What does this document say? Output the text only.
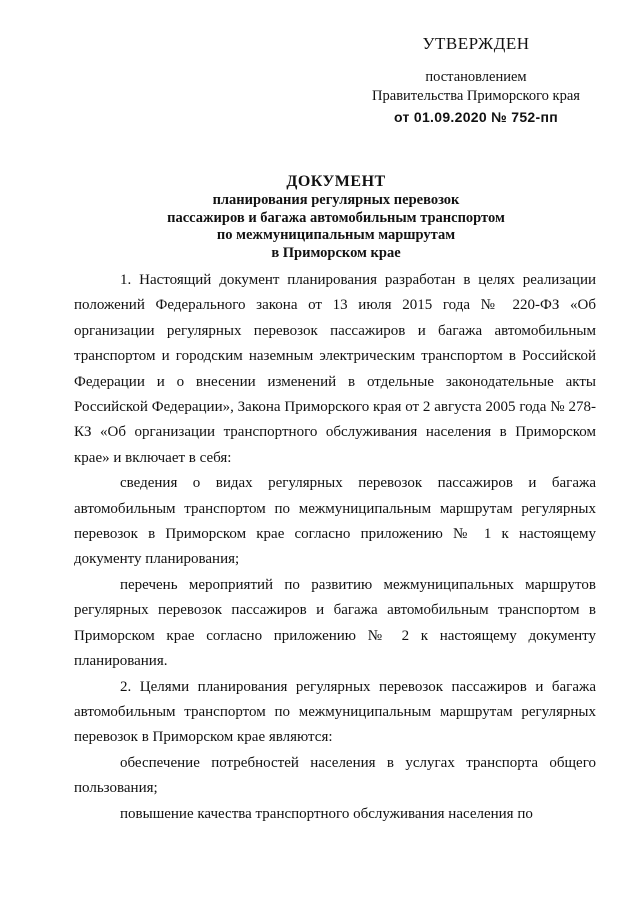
УТВЕРЖДЕН
постановлением
Правительства Приморского края
от 01.09.2020 № 752-пп
ДОКУМЕНТ
планирования регулярных перевозок
пассажиров и багажа автомобильным транспортом
по межмуниципальным маршрутам
в Приморском крае

1. Настоящий документ планирования разработан в целях реализации положений Федерального закона от 13 июля 2015 года № 220-ФЗ «Об организации регулярных перевозок пассажиров и багажа автомобильным транспортом и городским наземным электрическим транспортом в Российской Федерации и о внесении изменений в отдельные законодательные акты Российской Федерации», Закона Приморского края от 2 августа 2005 года № 278-КЗ «Об организации транспортного обслуживания населения в Приморском крае» и включает в себя:

сведения о видах регулярных перевозок пассажиров и багажа автомобильным транспортом по межмуниципальным маршрутам регулярных перевозок в Приморском крае согласно приложению № 1 к настоящему документу планирования;

перечень мероприятий по развитию межмуниципальных маршрутов регулярных перевозок пассажиров и багажа автомобильным транспортом в Приморском крае согласно приложению № 2 к настоящему документу планирования.

2. Целями планирования регулярных перевозок пассажиров и багажа автомобильным транспортом по межмуниципальным маршрутам регулярных перевозок в Приморском крае являются:

обеспечение потребностей населения в услугах транспорта общего пользования;

повышение качества транспортного обслуживания населения по
